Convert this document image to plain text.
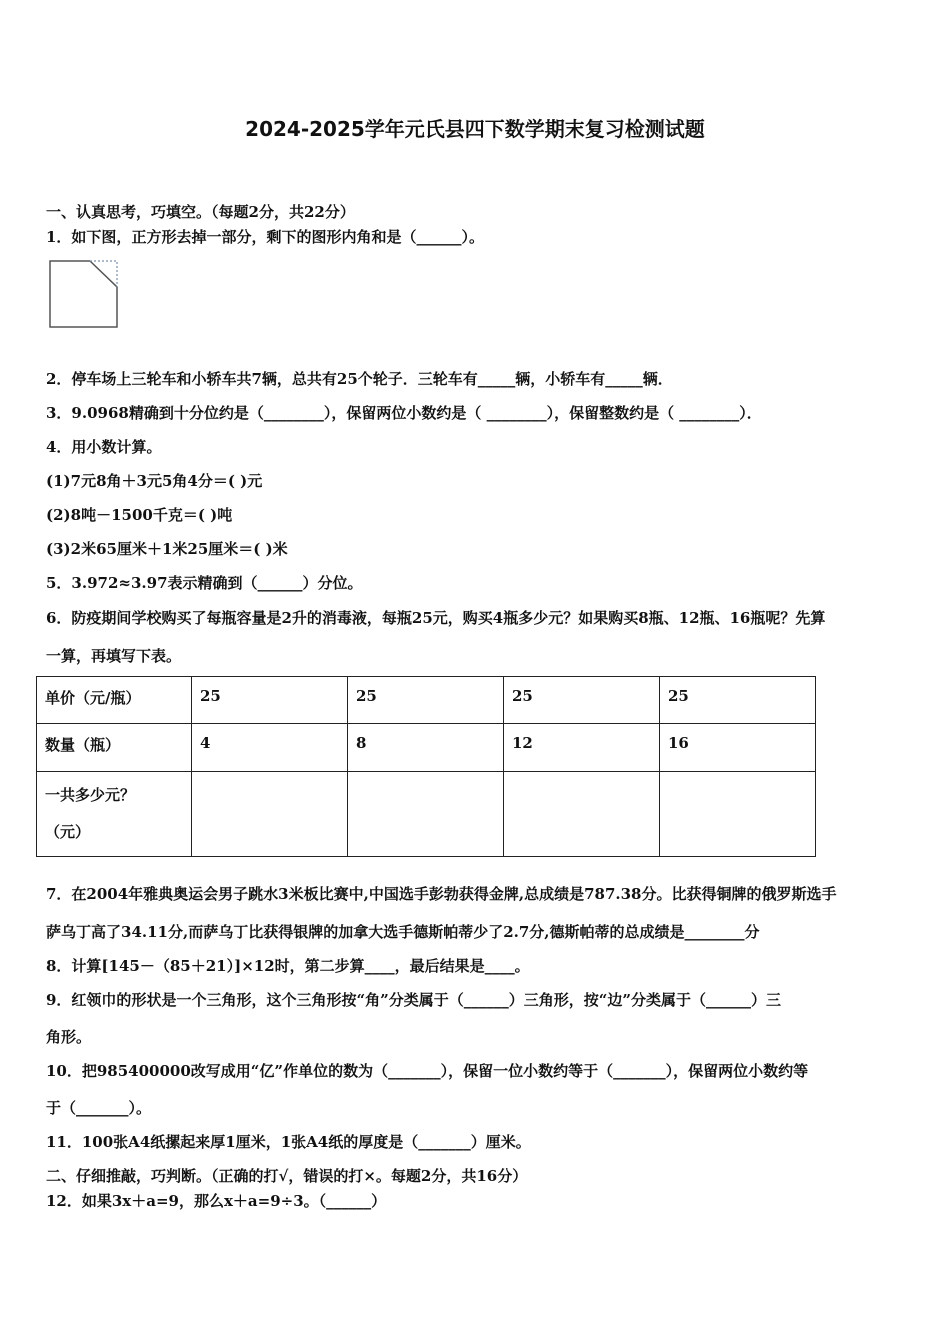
2024-2025学年元氏县四下数学期末复习检测试题
一、认真思考，巧填空。（每题2分，共22分）
1．如下图，正方形去掉一部分，剩下的图形内角和是（______）。
2．停车场上三轮车和小轿车共7辆，总共有25个轮子．三轮车有_____辆，小轿车有_____辆．
3．9.0968精确到十分位约是（________），保留两位小数约是（ ________），保留整数约是（ ________）．
4．用小数计算。
(1)7元8角＋3元5角4分＝( )元
(2)8吨－1500千克＝( )吨
(3)2米65厘米＋1米25厘米＝( )米
5．3.972≈3.97表示精确到（______）分位。
6．防疫期间学校购买了每瓶容量是2升的消毒液，每瓶25元，购买4瓶多少元？如果购买8瓶、12瓶、16瓶呢？先算
一算，再填写下表。
单价（元/瓶）	25	25	25	25
数量（瓶）	4	8	12	16

一共多少元？
（元）				

7．在2004年雅典奥运会男子跳水3米板比赛中,中国选手彭勃获得金牌,总成绩是787.38分。比获得铜牌的俄罗斯选手
萨乌丁高了34.11分,而萨乌丁比获得银牌的加拿大选手德斯帕蒂少了2.7分,德斯帕蒂的总成绩是________分
8．计算[145－（85＋21）]×12时，第二步算____，最后结果是____。
9．红领巾的形状是一个三角形，这个三角形按“角”分类属于（______）三角形，按“边”分类属于（______）三
角形。
10．把985400000改写成用“亿”作单位的数为（_______），保留一位小数约等于（_______），保留两位小数约等
于（_______）。
11．100张A4纸摞起来厚1厘米，1张A4纸的厚度是（_______）厘米。
二、仔细推敲，巧判断。（正确的打√，错误的打×。每题2分，共16分）
12．如果3x＋a=9，那么x＋a=9÷3。（______）
